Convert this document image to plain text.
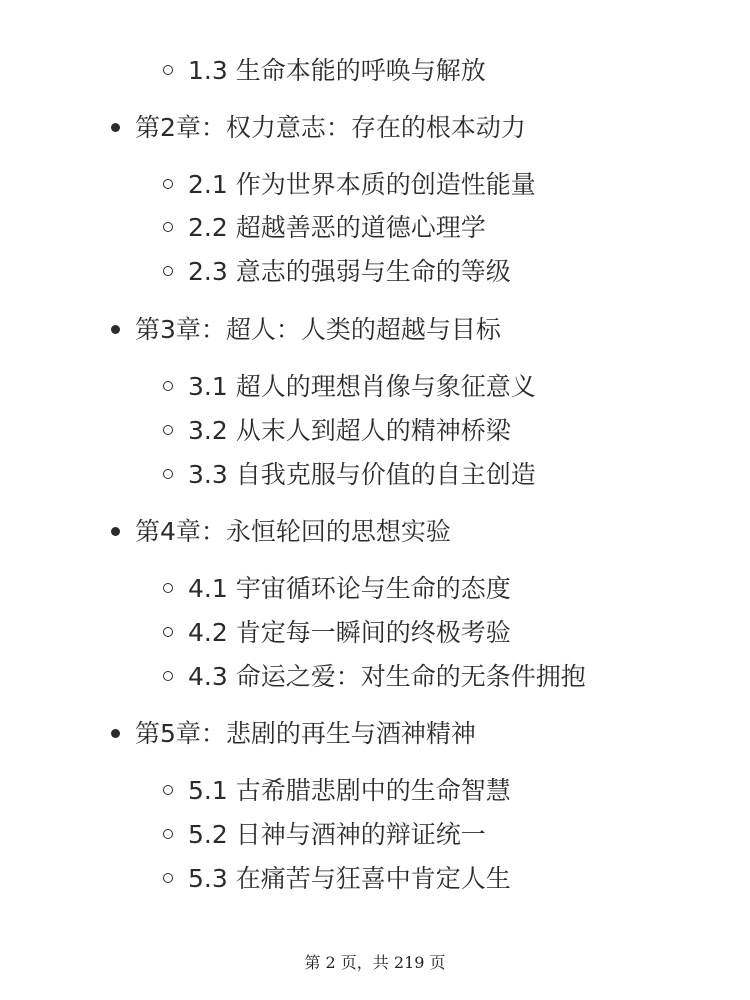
1.3 生命本能的呼唤与解放
第2章：权力意志：存在的根本动力
2.1 作为世界本质的创造性能量
2.2 超越善恶的道德心理学
2.3 意志的强弱与生命的等级
第3章：超人：人类的超越与目标
3.1 超人的理想肖像与象征意义
3.2 从末人到超人的精神桥梁
3.3 自我克服与价值的自主创造
第4章：永恒轮回的思想实验
4.1 宇宙循环论与生命的态度
4.2 肯定每一瞬间的终极考验
4.3 命运之爱：对生命的无条件拥抱
第5章：悲剧的再生与酒神精神
5.1 古希腊悲剧中的生命智慧
5.2 日神与酒神的辩证统一
5.3 在痛苦与狂喜中肯定人生
第 2 页，共 219 页
